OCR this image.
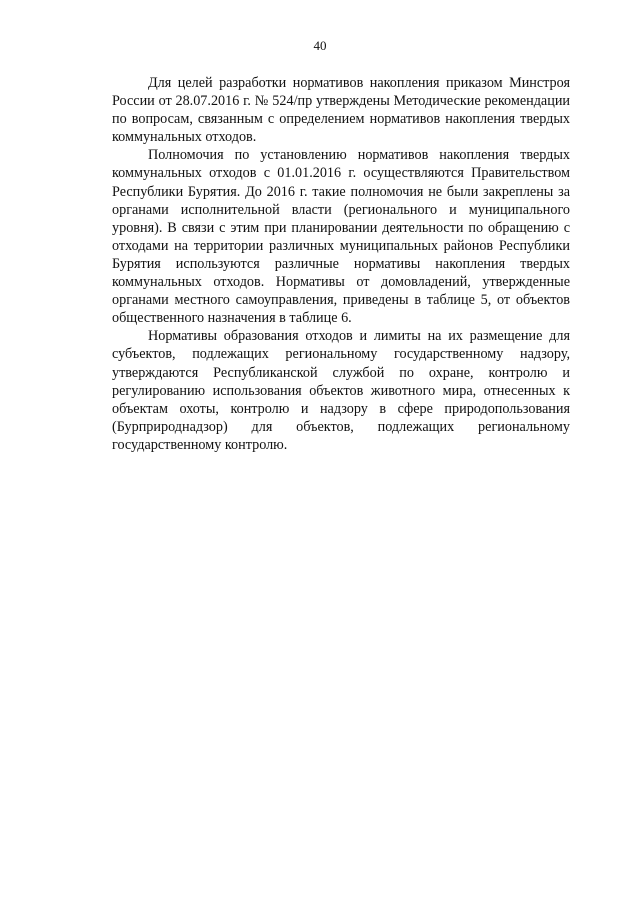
40

Для целей разработки нормативов накопления приказом Минстроя России от 28.07.2016 г. № 524/пр утверждены Методические рекомендации по вопросам, связанным с определением нормативов накопления твердых коммунальных отходов.

Полномочия по установлению нормативов накопления твердых коммунальных отходов с 01.01.2016 г. осуществляются Правительством Республики Бурятия. До 2016 г. такие полномочия не были закреплены за органами исполнительной власти (регионального и муниципального уровня). В связи с этим при планировании деятельности по обращению с отходами на территории различных муниципальных районов Республики Бурятия используются различные нормативы накопления твердых коммунальных отходов. Нормативы от домовладений, утвержденные органами местного самоуправления, приведены в таблице 5, от объектов общественного назначения в таблице 6.

Нормативы образования отходов и лимиты на их размещение для субъектов, подлежащих региональному государственному надзору, утверждаются Республиканской службой по охране, контролю и регулированию использования объектов животного мира, отнесенных к объектам охоты, контролю и надзору в сфере природопользования (Бурприроднадзор) для объектов, подлежащих региональному государственному контролю.
